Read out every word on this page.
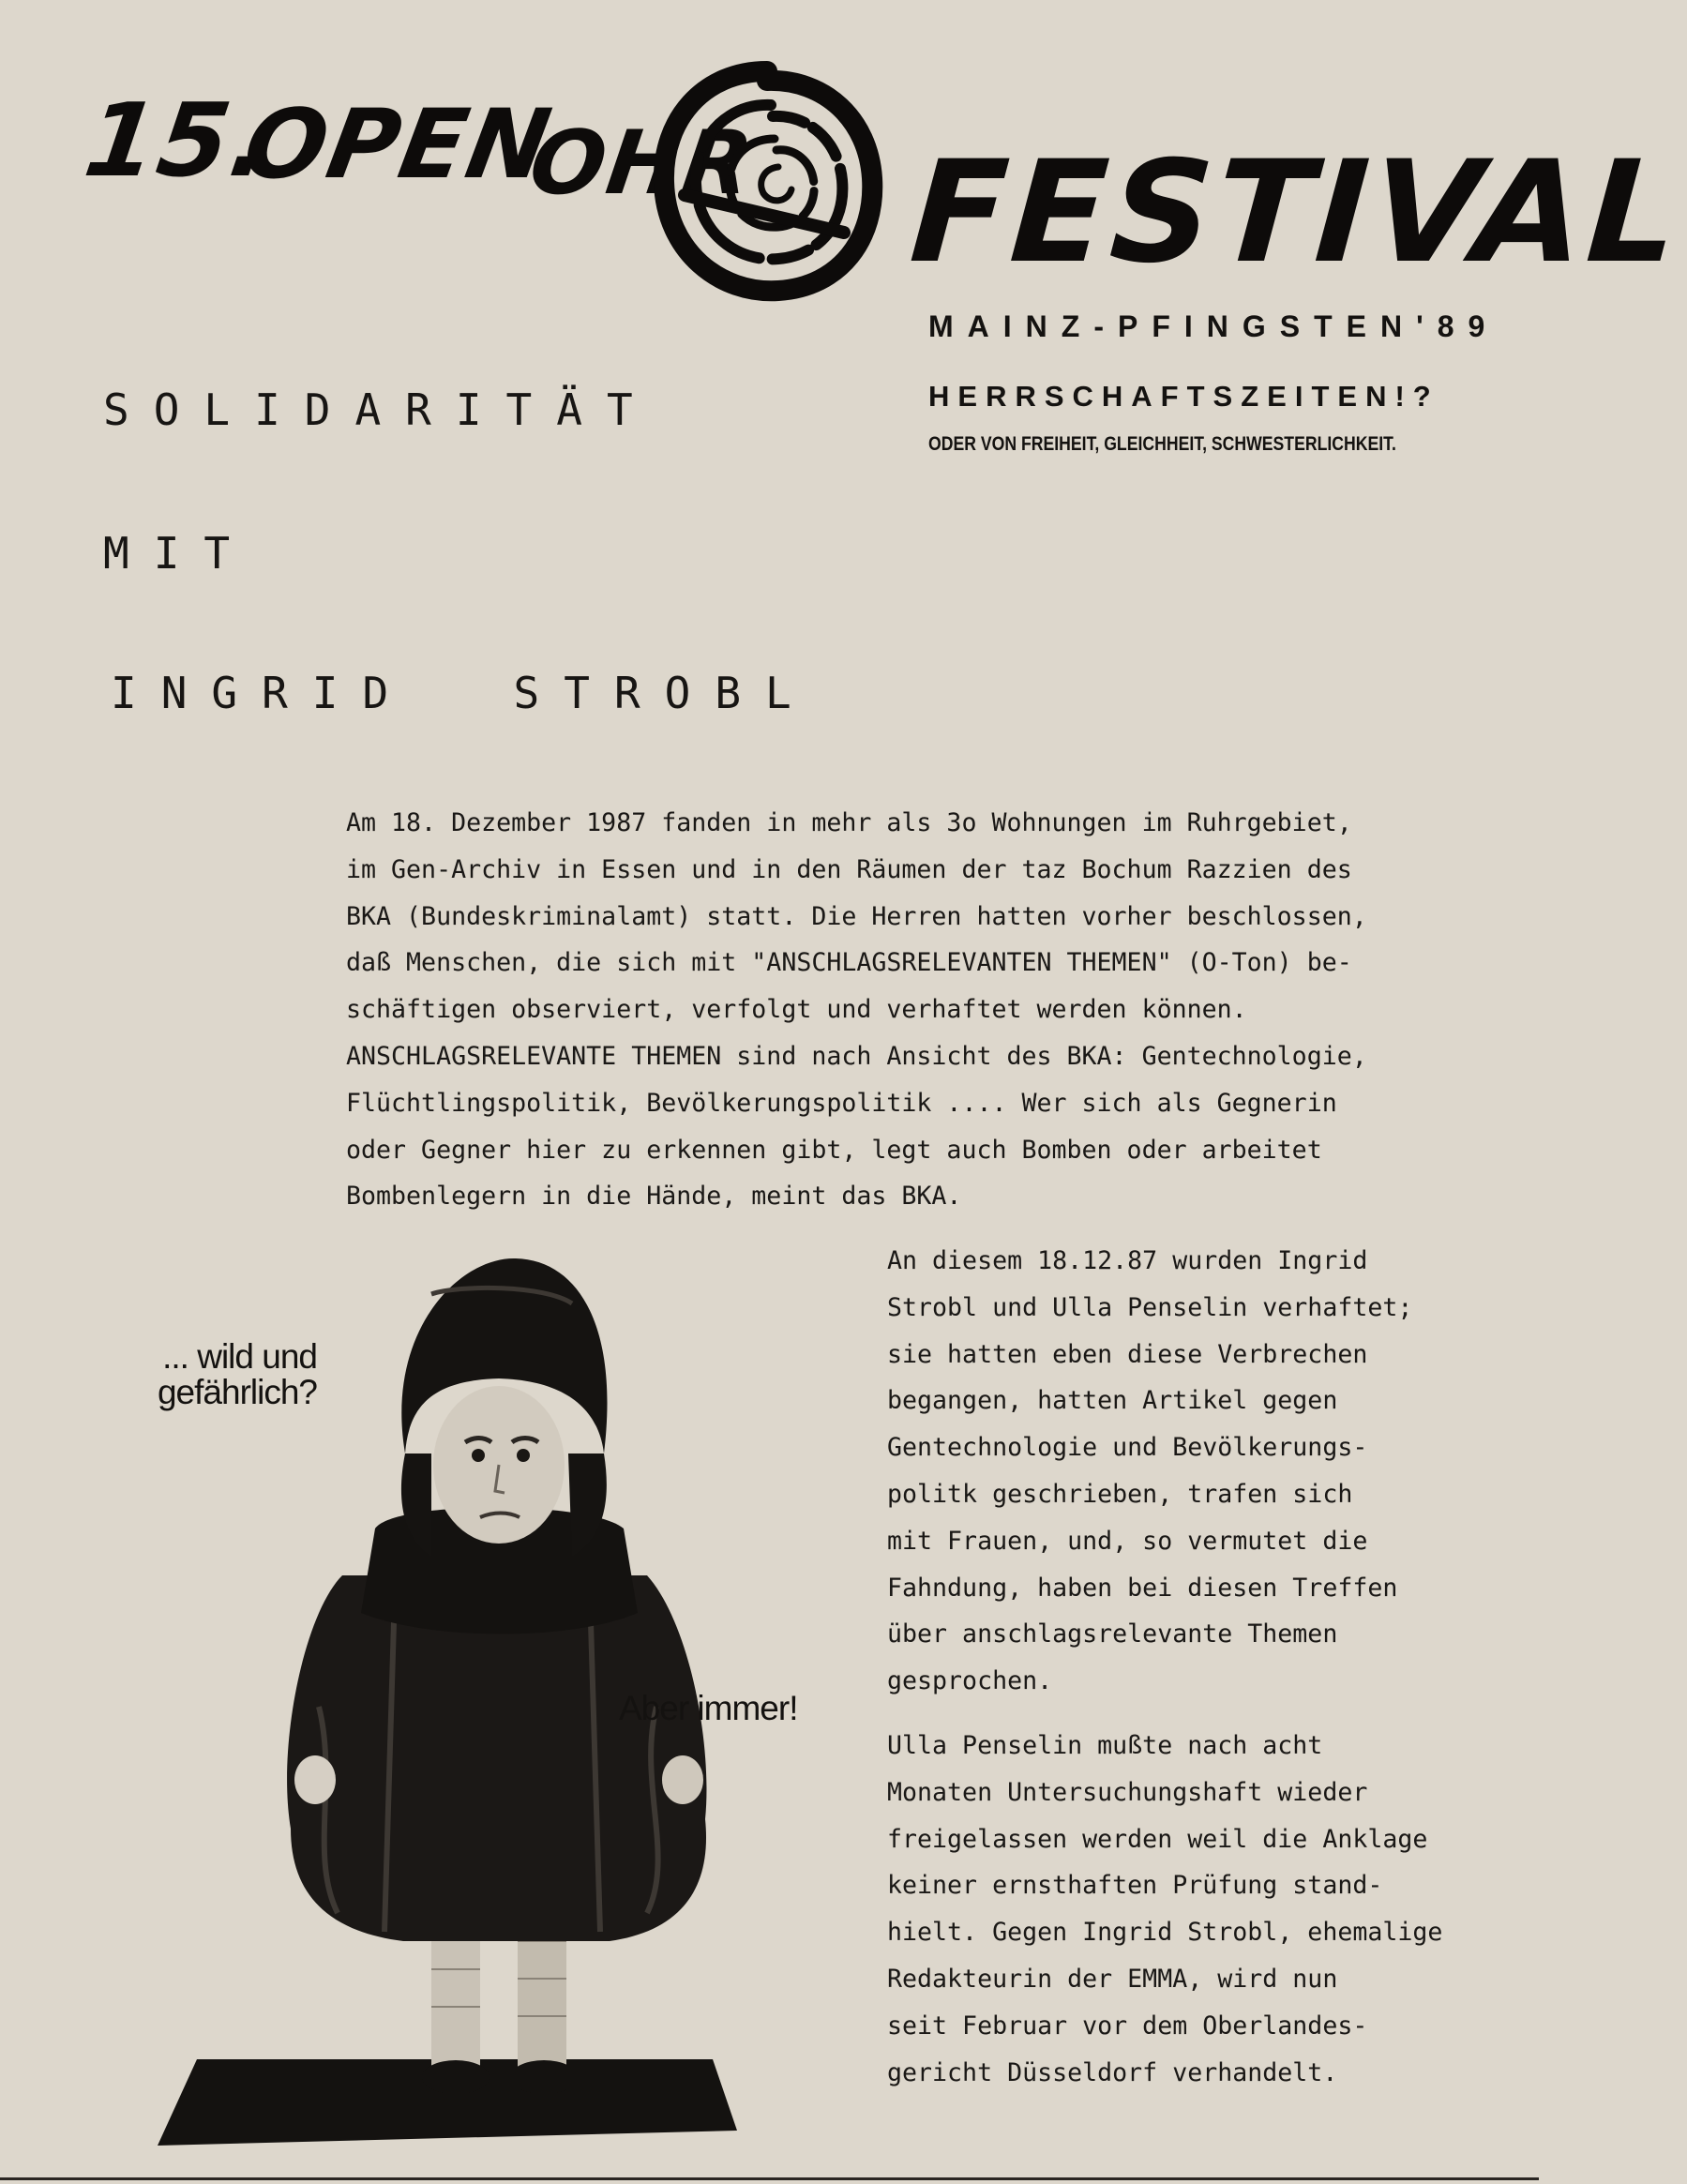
15.
OPEN
OHR FESTIVAL
MAINZ-PFINGSTEN'89
HERRSCHAFTSZEITEN!?
ODER VON FREIHEIT, GLEICHHEIT, SCHWESTERLICHKEIT.
SOLIDARITÄT
MIT
INGRID  STROBL
Am 18. Dezember 1987 fanden in mehr als 3o Wohnungen im Ruhrgebiet,
im Gen-Archiv in Essen und in den Räumen der taz Bochum Razzien des
BKA (Bundeskriminalamt) statt. Die Herren hatten vorher beschlossen,
daß Menschen, die sich mit "ANSCHLAGSRELEVANTEN THEMEN" (O-Ton) be-
schäftigen observiert, verfolgt und verhaftet werden können.
ANSCHLAGSRELEVANTE THEMEN sind nach Ansicht des BKA: Gentechnologie,
Flüchtlingspolitik, Bevölkerungspolitik .... Wer sich als Gegnerin
oder Gegner hier zu erkennen gibt, legt auch Bomben oder arbeitet
Bombenlegern in die Hände, meint das BKA.
... wild und gefährlich?
Aber immer!
An diesem 18.12.87 wurden Ingrid
Strobl und Ulla Penselin verhaftet;
sie hatten eben diese Verbrechen
begangen, hatten Artikel gegen
Gentechnologie und Bevölkerungs-
politk geschrieben, trafen sich
mit Frauen, und, so vermutet die
Fahndung, haben bei diesen Treffen
über anschlagsrelevante Themen
gesprochen.
Ulla Penselin mußte nach acht
Monaten Untersuchungshaft wieder
freigelassen werden weil die Anklage
keiner ernsthaften Prüfung stand-
hielt. Gegen Ingrid Strobl, ehemalige
Redakteurin der EMMA, wird nun
seit Februar vor dem Oberlandes-
gericht Düsseldorf verhandelt.
